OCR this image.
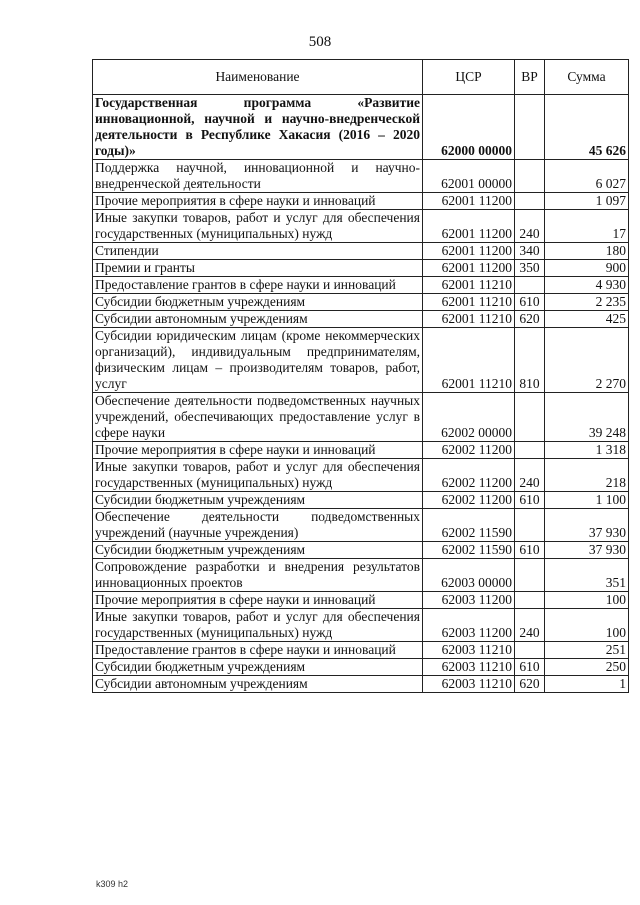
508
Наименование	ЦСР	ВР	Сумма
Государственная программа «Развитие инновационной, научной и научно-внедренческой деятельности в Республике Хакасия (2016 – 2020 годы)»	62000 00000		45 626
Поддержка научной, инновационной и научно-внедренческой деятельности	62001 00000		6 027
Прочие мероприятия в сфере науки и инноваций	62001 11200		1 097
Иные закупки товаров, работ и услуг для обеспечения государственных (муниципальных) нужд	62001 11200	240	17
Стипендии	62001 11200	340	180
Премии и гранты	62001 11200	350	900
Предоставление грантов в сфере науки и инноваций	62001 11210		4 930
Субсидии бюджетным учреждениям	62001 11210	610	2 235
Субсидии автономным учреждениям	62001 11210	620	425
Субсидии юридическим лицам (кроме некоммерческих организаций), индивидуальным предпринимателям, физическим лицам – производителям товаров, работ, услуг	62001 11210	810	2 270
Обеспечение деятельности подведомственных научных учреждений, обеспечивающих предоставление услуг в сфере науки	62002 00000		39 248
Прочие мероприятия в сфере науки и инноваций	62002 11200		1 318
Иные закупки товаров, работ и услуг для обеспечения государственных (муниципальных) нужд	62002 11200	240	218
Субсидии бюджетным учреждениям	62002 11200	610	1 100
Обеспечение деятельности подведомственных учреждений (научные учреждения)	62002 11590		37 930
Субсидии бюджетным учреждениям	62002 11590	610	37 930
Сопровождение разработки и внедрения результатов инновационных проектов	62003 00000		351
Прочие мероприятия в сфере науки и инноваций	62003 11200		100
Иные закупки товаров, работ и услуг для обеспечения государственных (муниципальных) нужд	62003 11200	240	100
Предоставление грантов в сфере науки и инноваций	62003 11210		251
Субсидии бюджетным учреждениям	62003 11210	610	250
Субсидии автономным учреждениям	62003 11210	620	1
k309 h2
